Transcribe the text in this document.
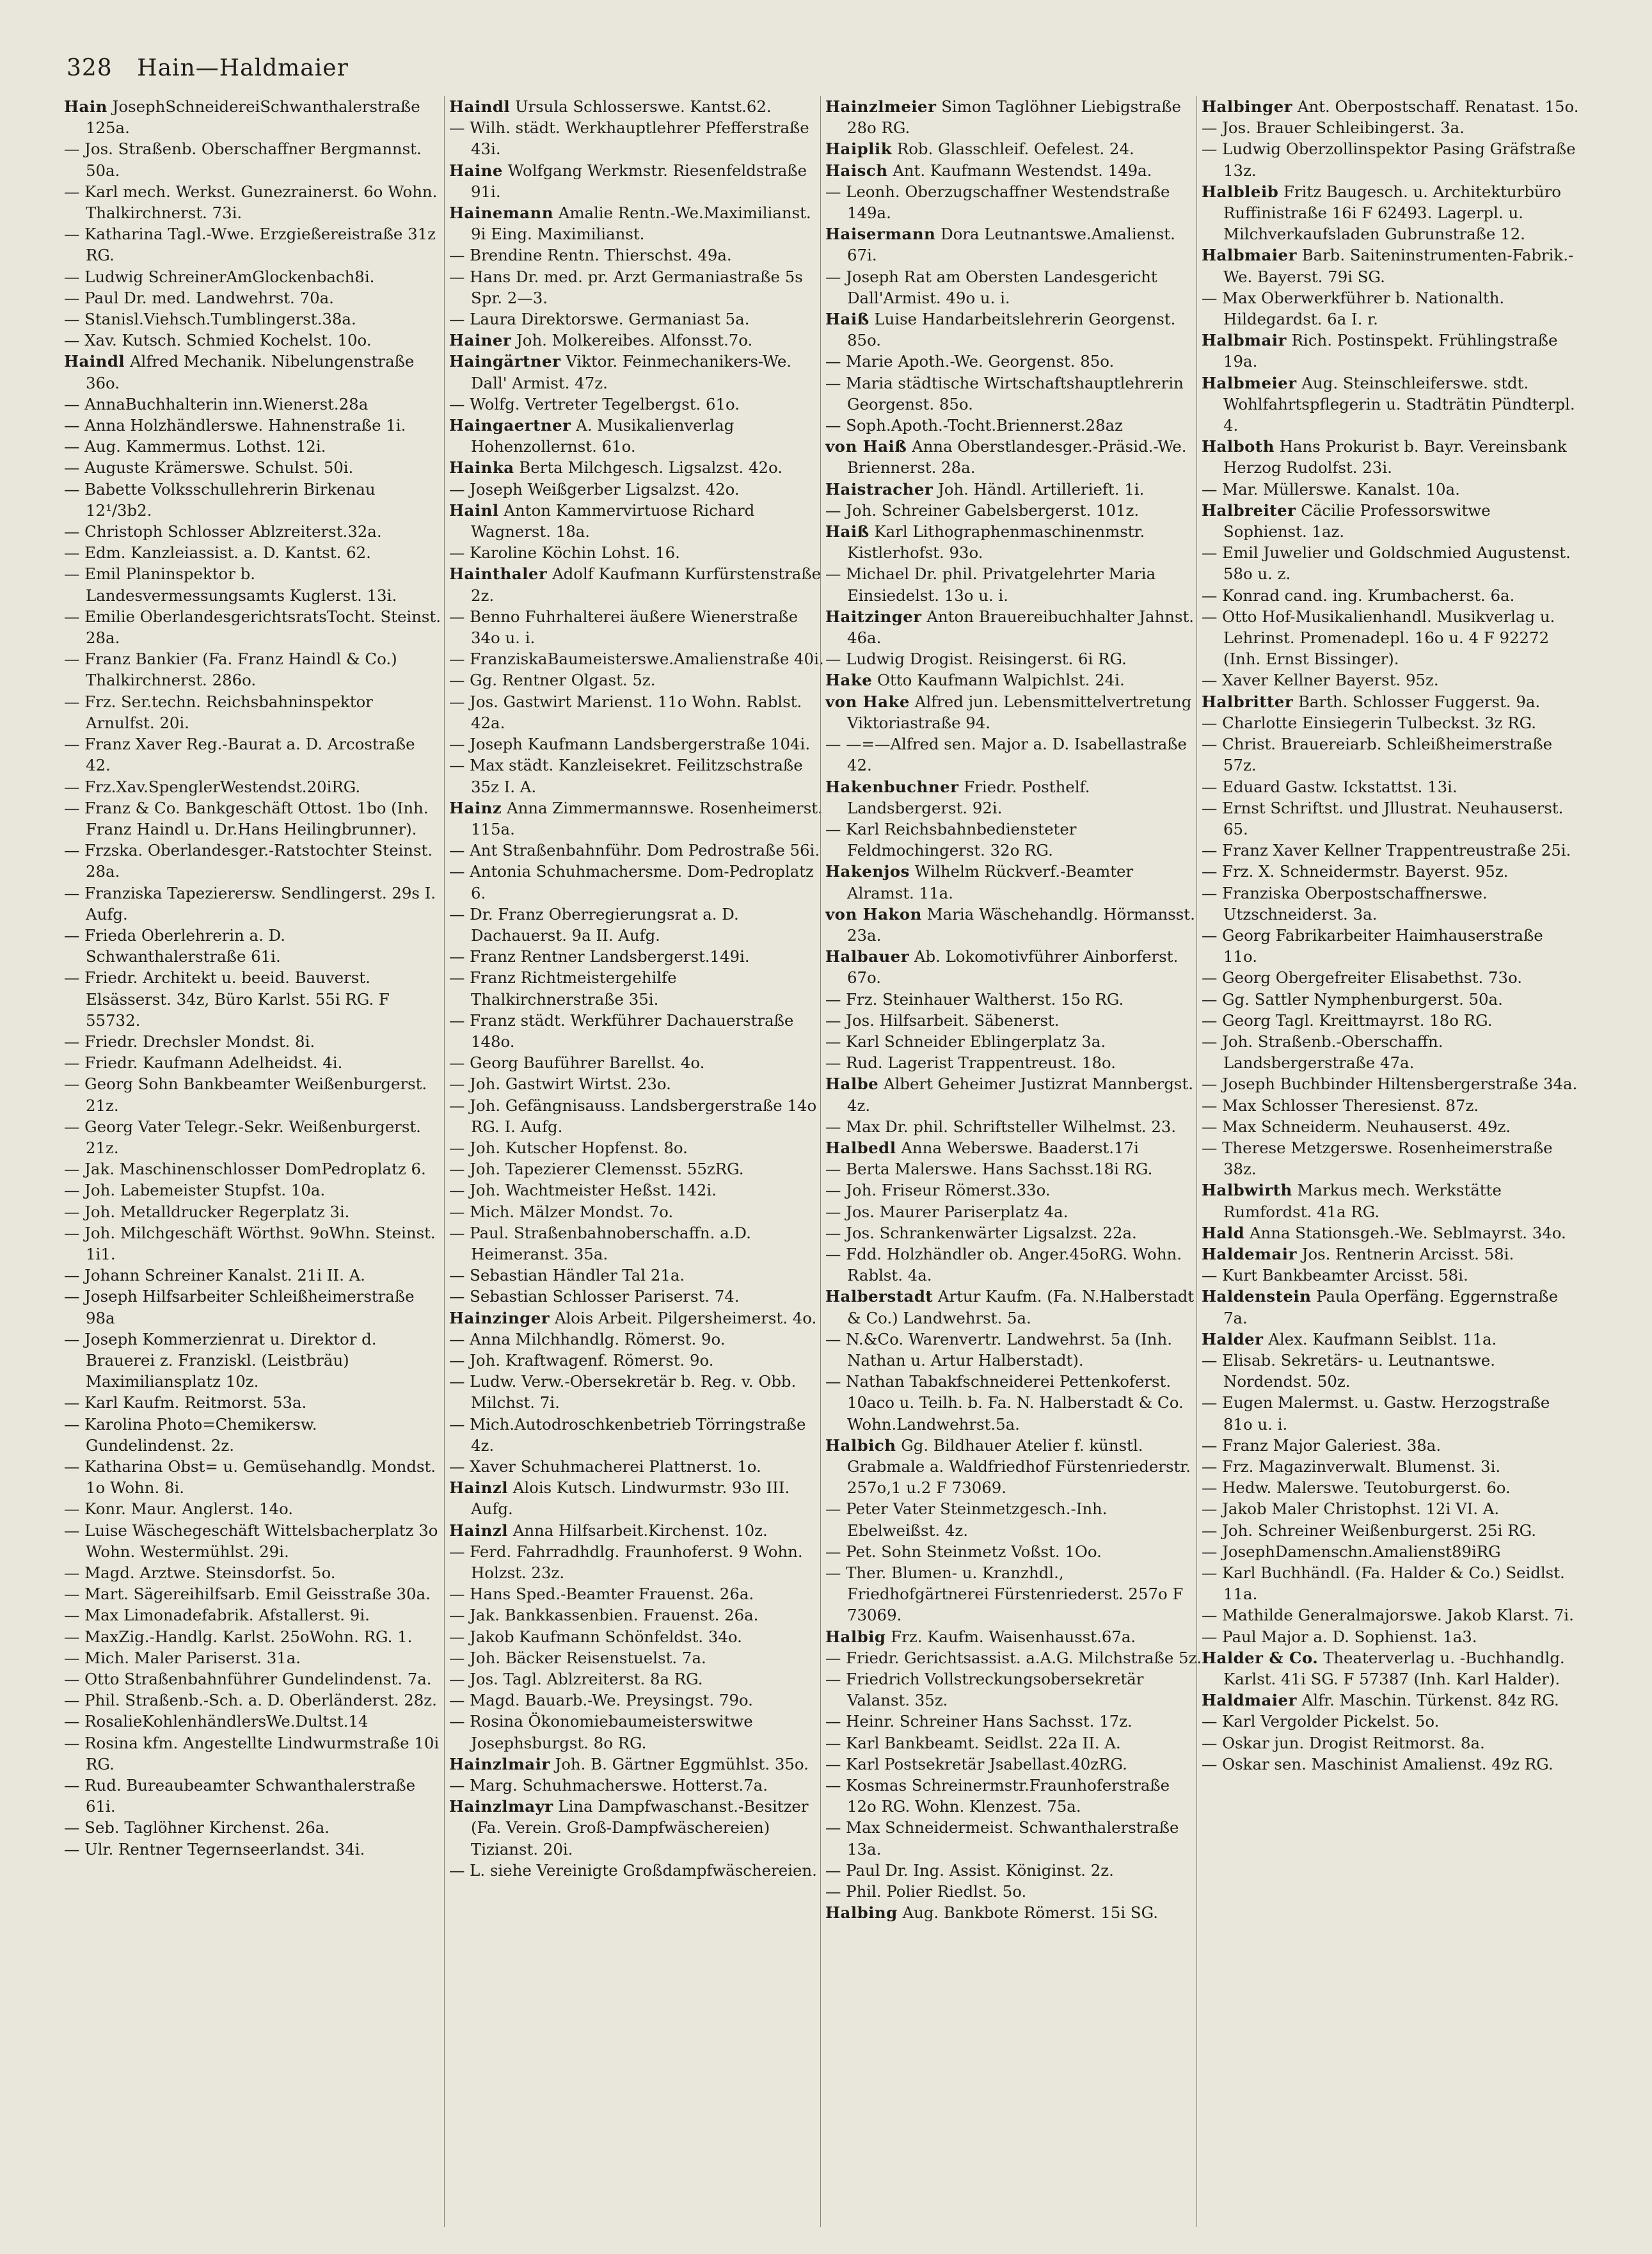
328 Hain—Haldmaier

Hain JosephSchneidereiSchwanthalerstraße 125a.

— Jos. Straßenb. Oberschaffner Bergmannst. 50a.

— Karl mech. Werkst. Gunezrainerst. 6o Wohn. Thalkirchnerst. 73i.

— Katharina Tagl.-Wwe. Erzgießereistraße 31z RG.

— Ludwig SchreinerAmGlockenbach8i.

— Paul Dr. med. Landwehrst. 70a.

— Stanisl.Viehsch.Tumblingerst.38a.

— Xav. Kutsch. Schmied Kochelst. 10o.

Haindl Alfred Mechanik. Nibelungenstraße 36o.

— AnnaBuchhalterin inn.Wienerst.28a

— Anna Holzhändlerswe. Hahnenstraße 1i.

— Aug. Kammermus. Lothst. 12i.

— Auguste Krämerswe. Schulst. 50i.

— Babette Volksschullehrerin Birkenau 12¹/3b2.

— Christoph Schlosser Ablzreiterst.32a.

— Edm. Kanzleiassist. a. D. Kantst. 62.

— Emil Planinspektor b. Landesvermessungsamts Kuglerst. 13i.

— Emilie OberlandesgerichtsratsTocht. Steinst. 28a.

— Franz Bankier (Fa. Franz Haindl & Co.) Thalkirchnerst. 286o.

— Frz. Ser.techn. Reichsbahninspektor Arnulfst. 20i.

— Franz Xaver Reg.-Baurat a. D. Arcostraße 42.

— Frz.Xav.SpenglerWestendst.20iRG.

— Franz & Co. Bankgeschäft Ottost. 1bo (Inh. Franz Haindl u. Dr.Hans Heilingbrunner).

— Frzska. Oberlandesger.-Ratstochter Steinst. 28a.

— Franziska Tapezierersw. Sendlingerst. 29s I. Aufg.

— Frieda Oberlehrerin a. D. Schwanthalerstraße 61i.

— Friedr. Architekt u. beeid. Bauverst. Elsässerst. 34z, Büro Karlst. 55i RG. F 55732.

— Friedr. Drechsler Mondst. 8i.

— Friedr. Kaufmann Adelheidst. 4i.

— Georg Sohn Bankbeamter Weißenburgerst. 21z.

— Georg Vater Telegr.-Sekr. Weißenburgerst. 21z.

— Jak. Maschinenschlosser DomPedroplatz 6.

— Joh. Labemeister Stupfst. 10a.

— Joh. Metalldrucker Regerplatz 3i.

— Joh. Milchgeschäft Wörthst. 9oWhn. Steinst. 1i1.

— Johann Schreiner Kanalst. 21i II. A.

— Joseph Hilfsarbeiter Schleißheimerstraße 98a

— Joseph Kommerzienrat u. Direktor d. Brauerei z. Franziskl. (Leistbräu) Maximiliansplatz 10z.

— Karl Kaufm. Reitmorst. 53a.

— Karolina Photo=Chemikersw. Gundelindenst. 2z.

— Katharina Obst= u. Gemüsehandlg. Mondst. 1o Wohn. 8i.

— Konr. Maur. Anglerst. 14o.

— Luise Wäschegeschäft Wittelsbacherplatz 3o Wohn. Westermühlst. 29i.

— Magd. Arztwe. Steinsdorfst. 5o.

— Mart. Sägereihilfsarb. Emil Geisstraße 30a.

— Max Limonadefabrik. Afstallerst. 9i.

— MaxZig.-Handlg. Karlst. 25oWohn. RG. 1.

— Mich. Maler Pariserst. 31a.

— Otto Straßenbahnführer Gundelindenst. 7a.

— Phil. Straßenb.-Sch. a. D. Oberländerst. 28z.

— RosalieKohlenhändlersWe.Dultst.14

— Rosina kfm. Angestellte Lindwurmstraße 10i RG.

— Rud. Bureaubeamter Schwanthalerstraße 61i.

— Seb. Taglöhner Kirchenst. 26a.

— Ulr. Rentner Tegernseerlandst. 34i.

Haindl Ursula Schlosserswe. Kantst.62.

— Wilh. städt. Werkhauptlehrer Pfefferstraße 43i.

Haine Wolfgang Werkmstr. Riesenfeldstraße 91i.

Hainemann Amalie Rentn.-We.Maximilianst. 9i Eing. Maximilianst.

— Brendine Rentn. Thierschst. 49a.

— Hans Dr. med. pr. Arzt Germaniastraße 5s Spr. 2—3.

— Laura Direktorswe. Germaniast 5a.

Hainer Joh. Molkereibes. Alfonsst.7o.

Haingärtner Viktor. Feinmechanikers-We. Dall' Armist. 47z.

— Wolfg. Vertreter Tegelbergst. 61o.

Haingaertner A. Musikalienverlag Hohenzollernst. 61o.

Hainka Berta Milchgesch. Ligsalzst. 42o.

— Joseph Weißgerber Ligsalzst. 42o.

Hainl Anton Kammervirtuose Richard Wagnerst. 18a.

— Karoline Köchin Lohst. 16.

Hainthaler Adolf Kaufmann Kurfürstenstraße 2z.

— Benno Fuhrhalterei äußere Wienerstraße 34o u. i.

— FranziskaBaumeisterswe.Amalienstraße 40i.

— Gg. Rentner Olgast. 5z.

— Jos. Gastwirt Marienst. 11o Wohn. Rablst. 42a.

— Joseph Kaufmann Landsbergerstraße 104i.

— Max städt. Kanzleisekret. Feilitzschstraße 35z I. A.

Hainz Anna Zimmermannswe. Rosenheimerst. 115a.

— Ant Straßenbahnführ. Dom Pedrostraße 56i.

— Antonia Schuhmachersme. Dom-Pedroplatz 6.

— Dr. Franz Oberregierungsrat a. D. Dachauerst. 9a II. Aufg.

— Franz Rentner Landsbergerst.149i.

— Franz Richtmeistergehilfe Thalkirchnerstraße 35i.

— Franz städt. Werkführer Dachauerstraße 148o.

— Georg Bauführer Barellst. 4o.

— Joh. Gastwirt Wirtst. 23o.

— Joh. Gefängnisauss. Landsbergerstraße 14o RG. I. Aufg.

— Joh. Kutscher Hopfenst. 8o.

— Joh. Tapezierer Clemensst. 55zRG.

— Joh. Wachtmeister Heßst. 142i.

— Mich. Mälzer Mondst. 7o.

— Paul. Straßenbahnoberschaffn. a.D. Heimeranst. 35a.

— Sebastian Händler Tal 21a.

— Sebastian Schlosser Pariserst. 74.

Hainzinger Alois Arbeit. Pilgersheimerst. 4o.

— Anna Milchhandlg. Römerst. 9o.

— Joh. Kraftwagenf. Römerst. 9o.

— Ludw. Verw.-Obersekretär b. Reg. v. Obb. Milchst. 7i.

— Mich.Autodroschkenbetrieb Törringstraße 4z.

— Xaver Schuhmacherei Plattnerst. 1o.

Hainzl Alois Kutsch. Lindwurmstr. 93o III. Aufg.

Hainzl Anna Hilfsarbeit.Kirchenst. 10z.

— Ferd. Fahrradhdlg. Fraunhoferst. 9 Wohn. Holzst. 23z.

— Hans Sped.-Beamter Frauenst. 26a.

— Jak. Bankkassenbien. Frauenst. 26a.

— Jakob Kaufmann Schönfeldst. 34o.

— Joh. Bäcker Reisenstuelst. 7a.

— Jos. Tagl. Ablzreiterst. 8a RG.

— Magd. Bauarb.-We. Preysingst. 79o.

— Rosina Ökonomiebaumeisterswitwe Josephsburgst. 8o RG.

Hainzlmair Joh. B. Gärtner Eggmühlst. 35o.

— Marg. Schuhmacherswe. Hotterst.7a.

Hainzlmayr Lina Dampfwaschanst.-Besitzer (Fa. Verein. Groß-Dampfwäschereien) Tizianst. 20i.

— L. siehe Vereinigte Großdampfwäschereien.

Hainzlmeier Simon Taglöhner Liebigstraße 28o RG.

Haiplik Rob. Glasschleif. Oefelest. 24.

Haisch Ant. Kaufmann Westendst. 149a.

— Leonh. Oberzugschaffner Westendstraße 149a.

Haisermann Dora Leutnantswe.Amalienst. 67i.

— Joseph Rat am Obersten Landesgericht Dall'Armist. 49o u. i.

Haiß Luise Handarbeitslehrerin Georgenst. 85o.

— Marie Apoth.-We. Georgenst. 85o.

— Maria städtische Wirtschaftshauptlehrerin Georgenst. 85o.

— Soph.Apoth.-Tocht.Briennerst.28az

von Haiß Anna Oberstlandesger.-Präsid.-We. Briennerst. 28a.

Haistracher Joh. Händl. Artillerieft. 1i.

— Joh. Schreiner Gabelsbergerst. 101z.

Haiß Karl Lithographenmaschinenmstr. Kistlerhofst. 93o.

— Michael Dr. phil. Privatgelehrter Maria Einsiedelst. 13o u. i.

Haitzinger Anton Brauereibuchhalter Jahnst. 46a.

— Ludwig Drogist. Reisingerst. 6i RG.

Hake Otto Kaufmann Walpichlst. 24i.

von Hake Alfred jun. Lebensmittelvertretung Viktoriastraße 94.

— —=—Alfred sen. Major a. D. Isabellastraße 42.

Hakenbuchner Friedr. Posthelf. Landsbergerst. 92i.

— Karl Reichsbahnbediensteter Feldmochingerst. 32o RG.

Hakenjos Wilhelm Rückverf.-Beamter Alramst. 11a.

von Hakon Maria Wäschehandlg. Hörmansst. 23a.

Halbauer Ab. Lokomotivführer Ainborferst. 67o.

— Frz. Steinhauer Waltherst. 15o RG.

— Jos. Hilfsarbeit. Säbenerst.

— Karl Schneider Eblingerplatz 3a.

— Rud. Lagerist Trappentreust. 18o.

Halbe Albert Geheimer Justizrat Mannbergst. 4z.

— Max Dr. phil. Schriftsteller Wilhelmst. 23.

Halbedl Anna Weberswe. Baaderst.17i

— Berta Malerswe. Hans Sachsst.18i RG.

— Joh. Friseur Römerst.33o.

— Jos. Maurer Pariserplatz 4a.

— Jos. Schrankenwärter Ligsalzst. 22a.

— Fdd. Holzhändler ob. Anger.45oRG. Wohn. Rablst. 4a.

Halberstadt Artur Kaufm. (Fa. N.Halberstadt & Co.) Landwehrst. 5a.

— N.&Co. Warenvertr. Landwehrst. 5a (Inh. Nathan u. Artur Halberstadt).

— Nathan Tabakfschneiderei Pettenkoferst. 10aco u. Teilh. b. Fa. N. Halberstadt & Co. Wohn.Landwehrst.5a.

Halbich Gg. Bildhauer Atelier f. künstl. Grabmale a. Waldfriedhof Fürstenriederstr. 257o,1 u.2 F 73069.

— Peter Vater Steinmetzgesch.-Inh. Ebelweißst. 4z.

— Pet. Sohn Steinmetz Voßst. 1Oo.

— Ther. Blumen- u. Kranzhdl., Friedhofgärtnerei Fürstenriederst. 257o F 73069.

Halbig Frz. Kaufm. Waisenhausst.67a.

— Friedr. Gerichtsassist. a.A.G. Milchstraße 5z.

— Friedrich Vollstreckungsobersekretär Valanst. 35z.

— Heinr. Schreiner Hans Sachsst. 17z.

— Karl Bankbeamt. Seidlst. 22a II. A.

— Karl Postsekretär Jsabellast.40zRG.

— Kosmas Schreinermstr.Fraunhoferstraße 12o RG. Wohn. Klenzest. 75a.

— Max Schneidermeist. Schwanthalerstraße 13a.

— Paul Dr. Ing. Assist. Königinst. 2z.

— Phil. Polier Riedlst. 5o.

Halbing Aug. Bankbote Römerst. 15i SG.

Halbinger Ant. Oberpostschaff. Renatast. 15o.

— Jos. Brauer Schleibingerst. 3a.

— Ludwig Oberzollinspektor Pasing Gräfstraße 13z.

Halbleib Fritz Baugesch. u. Architekturbüro Ruffinistraße 16i F 62493. Lagerpl. u. Milchverkaufsladen Gubrunstraße 12.

Halbmaier Barb. Saiteninstrumenten-Fabrik.-We. Bayerst. 79i SG.

— Max Oberwerkführer b. Nationalth. Hildegardst. 6a I. r.

Halbmair Rich. Postinspekt. Frühlingstraße 19a.

Halbmeier Aug. Steinschleiferswe. stdt. Wohlfahrtspflegerin u. Stadträtin Pündterpl. 4.

Halboth Hans Prokurist b. Bayr. Vereinsbank Herzog Rudolfst. 23i.

— Mar. Müllerswe. Kanalst. 10a.

Halbreiter Cäcilie Professorswitwe Sophienst. 1az.

— Emil Juwelier und Goldschmied Augustenst. 58o u. z.

— Konrad cand. ing. Krumbacherst. 6a.

— Otto Hof-Musikalienhandl. Musikverlag u. Lehrinst. Promenadepl. 16o u. 4 F 92272 (Inh. Ernst Bissinger).

— Xaver Kellner Bayerst. 95z.

Halbritter Barth. Schlosser Fuggerst. 9a.

— Charlotte Einsiegerin Tulbeckst. 3z RG.

— Christ. Brauereiarb. Schleißheimerstraße 57z.

— Eduard Gastw. Ickstattst. 13i.

— Ernst Schriftst. und Jllustrat. Neuhauserst. 65.

— Franz Xaver Kellner Trappentreustraße 25i.

— Frz. X. Schneidermstr. Bayerst. 95z.

— Franziska Oberpostschaffnerswe. Utzschneiderst. 3a.

— Georg Fabrikarbeiter Haimhauserstraße 11o.

— Georg Obergefreiter Elisabethst. 73o.

— Gg. Sattler Nymphenburgerst. 50a.

— Georg Tagl. Kreittmayrst. 18o RG.

— Joh. Straßenb.-Oberschaffn. Landsbergerstraße 47a.

— Joseph Buchbinder Hiltensbergerstraße 34a.

— Max Schlosser Theresienst. 87z.

— Max Schneiderm. Neuhauserst. 49z.

— Therese Metzgerswe. Rosenheimerstraße 38z.

Halbwirth Markus mech. Werkstätte Rumfordst. 41a RG.

Hald Anna Stationsgeh.-We. Seblmayrst. 34o.

Haldemair Jos. Rentnerin Arcisst. 58i.

— Kurt Bankbeamter Arcisst. 58i.

Haldenstein Paula Operfäng. Eggernstraße 7a.

Halder Alex. Kaufmann Seiblst. 11a.

— Elisab. Sekretärs- u. Leutnantswe. Nordendst. 50z.

— Eugen Malermst. u. Gastw. Herzogstraße 81o u. i.

— Franz Major Galeriest. 38a.

— Frz. Magazinverwalt. Blumenst. 3i.

— Hedw. Malerswe. Teutoburgerst. 6o.

— Jakob Maler Christophst. 12i VI. A.

— Joh. Schreiner Weißenburgerst. 25i RG.

— JosephDamenschn.Amalienst89iRG

— Karl Buchhändl. (Fa. Halder & Co.) Seidlst. 11a.

— Mathilde Generalmajorswe. Jakob Klarst. 7i.

— Paul Major a. D. Sophienst. 1a3.

Halder & Co. Theaterverlag u. -Buchhandlg. Karlst. 41i SG. F 57387 (Inh. Karl Halder).

Haldmaier Alfr. Maschin. Türkenst. 84z RG.

— Karl Vergolder Pickelst. 5o.

— Oskar jun. Drogist Reitmorst. 8a.

— Oskar sen. Maschinist Amalienst. 49z RG.
